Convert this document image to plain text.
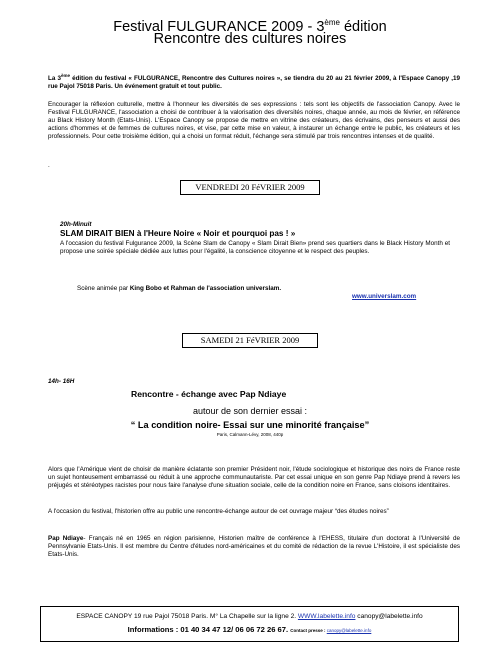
Festival FULGURANCE 2009 - 3ème édition
Rencontre des cultures noires
La 3ème édition du festival « FULGURANCE, Rencontre des Cultures noires », se tiendra du 20 au 21 février 2009, à l'Espace Canopy ,19 rue Pajol 75018 Paris. Un événement gratuit et tout public.
Encourager la réflexion culturelle, mettre à l'honneur les diversités de ses expressions : tels sont les objectifs de l'association Canopy. Avec le Festival FULGURANCE, l'association a choisi de contribuer à la valorisation des diversités noires, chaque année, au mois de février, en référence au Black History Month (Etats-Unis). L'Espace Canopy se propose de mettre en vitrine des créateurs, des écrivains, des penseurs et aussi des actions d'hommes et de femmes de cultures noires, et vise, par cette mise en valeur, à instaurer un échange entre le public, les créateurs et les professionnels. Pour cette troisième édition, qui a choisi un format réduit, l'échange sera stimulé par trois rencontres intenses et de qualité.
.
VENDREDI 20 FéVRIER 2009
20h-Minuit
SLAM DIRAIT BIEN à l'Heure Noire « Noir et pourquoi pas ! »
A l'occasion du festival Fulgurance 2009, la Scène Slam de Canopy « Slam Dirait Bien» prend ses quartiers dans le Black History Month et propose une soirée spéciale dédiée aux luttes pour l'égalité, la conscience citoyenne et le respect des peuples.
Scène animée par King Bobo et Rahman de l'association universlam.
www.universlam.com
SAMEDI 21 FéVRIER 2009
14h- 16H
Rencontre - échange avec Pap Ndiaye
autour de son dernier essai :
“ La condition noire- Essai sur une minorité française”
Paris, Calmann-Lévy, 2008, 440p
Alors que l'Amérique vient de choisir de manière éclatante son premier Président noir, l'étude sociologique et historique des noirs de France reste un sujet honteusement embarrassé ou réduit à une approche communautariste. Par cet essai unique en son genre Pap Ndiaye prend à revers les préjugés et stéréotypes racistes pour nous faire l'analyse d'une situation sociale, celle de la condition noire en France, sans cloisons identitaires.
A l'occasion du festival, l'historien offre au public une rencontre-échange autour de cet ouvrage majeur “des études noires”
Pap Ndiaye- Français né en 1965 en région parisienne, Historien maître de conférence à l'EHESS, titulaire d'un doctorat à l'Université de Pennsylvanie Etats-Unis. Il est membre du Centre d'études nord-américaines et du comité de rédaction de la revue L'Histoire, il est spécialiste des Etats-Unis.
ESPACE CANOPY 19 rue Pajol 75018 Paris. M° La Chapelle sur la ligne 2. WWW.labelette.info canopy@labelette.info
Informations : 01 40 34 47 12/ 06 06 72 26 67. Contact presse : canopy@labelette.info
